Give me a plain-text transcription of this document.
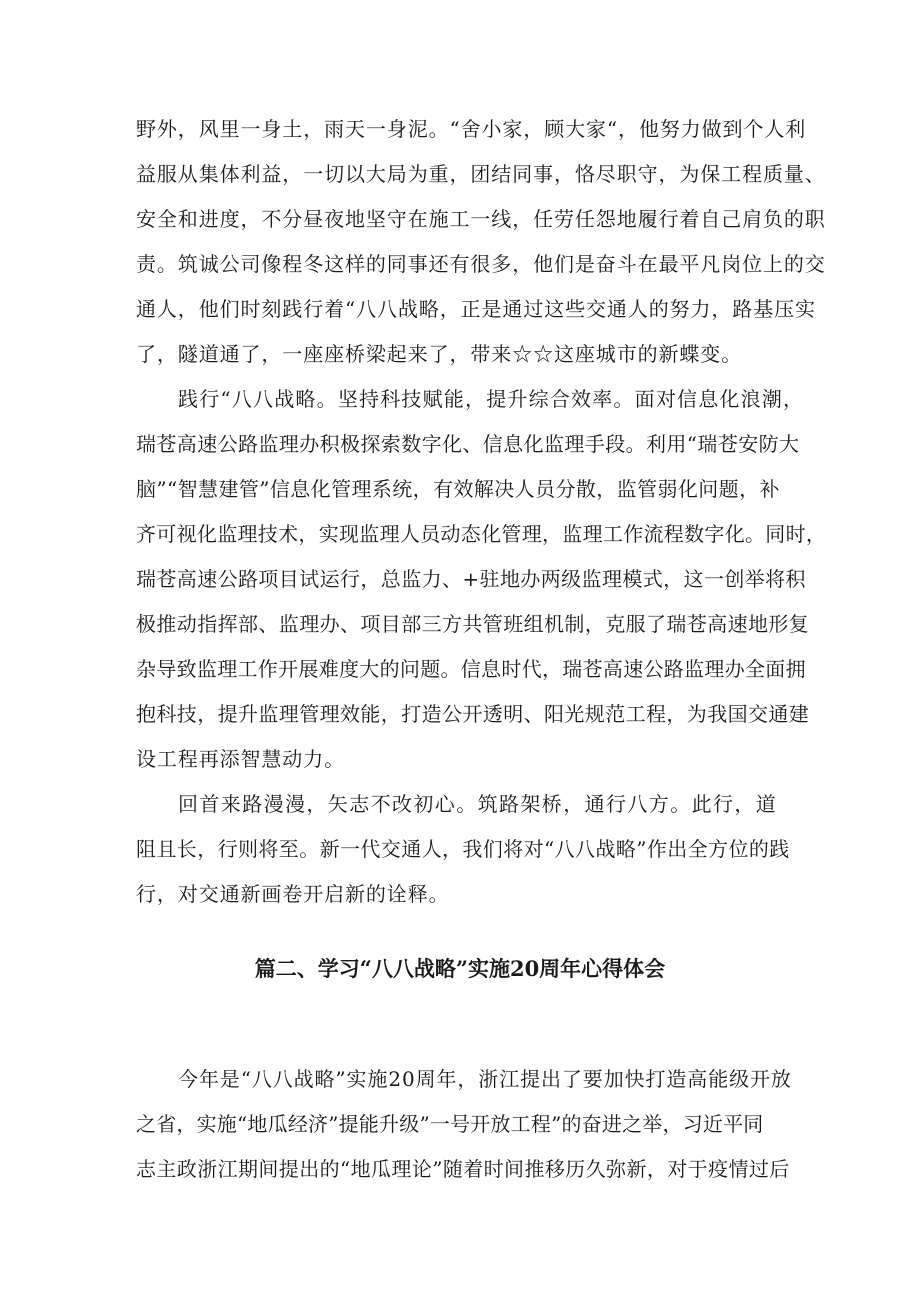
野外，风里一身土，雨天一身泥。“舍小家，顾大家“，他努力做到个人利
益服从集体利益，一切以大局为重，团结同事，恪尽职守，为保工程质量、
安全和进度，不分昼夜地坚守在施工一线，任劳任怨地履行着自己肩负的职
责。筑诚公司像程冬这样的同事还有很多，他们是奋斗在最平凡岗位上的交
通人，他们时刻践行着“八八战略，正是通过这些交通人的努力，路基压实
了，隧道通了，一座座桥梁起来了，带来☆☆这座城市的新蝶变。
践行“八八战略。坚持科技赋能，提升综合效率。面对信息化浪潮，
瑞苍高速公路监理办积极探索数字化、信息化监理手段。利用“瑞苍安防大
脑”“智慧建管”信息化管理系统，有效解决人员分散，监管弱化问题，补
齐可视化监理技术，实现监理人员动态化管理，监理工作流程数字化。同时，
瑞苍高速公路项目试运行，总监力、+驻地办两级监理模式，这一创举将积
极推动指挥部、监理办、项目部三方共管班组机制，克服了瑞苍高速地形复
杂导致监理工作开展难度大的问题。信息时代，瑞苍高速公路监理办全面拥
抱科技，提升监理管理效能，打造公开透明、阳光规范工程，为我国交通建
设工程再添智慧动力。
回首来路漫漫，矢志不改初心。筑路架桥，通行八方。此行，道
阻且长，行则将至。新一代交通人，我们将对“八八战略”作出全方位的践
行，对交通新画卷开启新的诠释。
篇二、学习“八八战略”实施20周年心得体会
今年是“八八战略”实施20周年，浙江提出了要加快打造高能级开放
之省，实施“地瓜经济”提能升级”一号开放工程”的奋进之举，习近平同
志主政浙江期间提出的“地瓜理论”随着时间推移历久弥新，对于疫情过后
